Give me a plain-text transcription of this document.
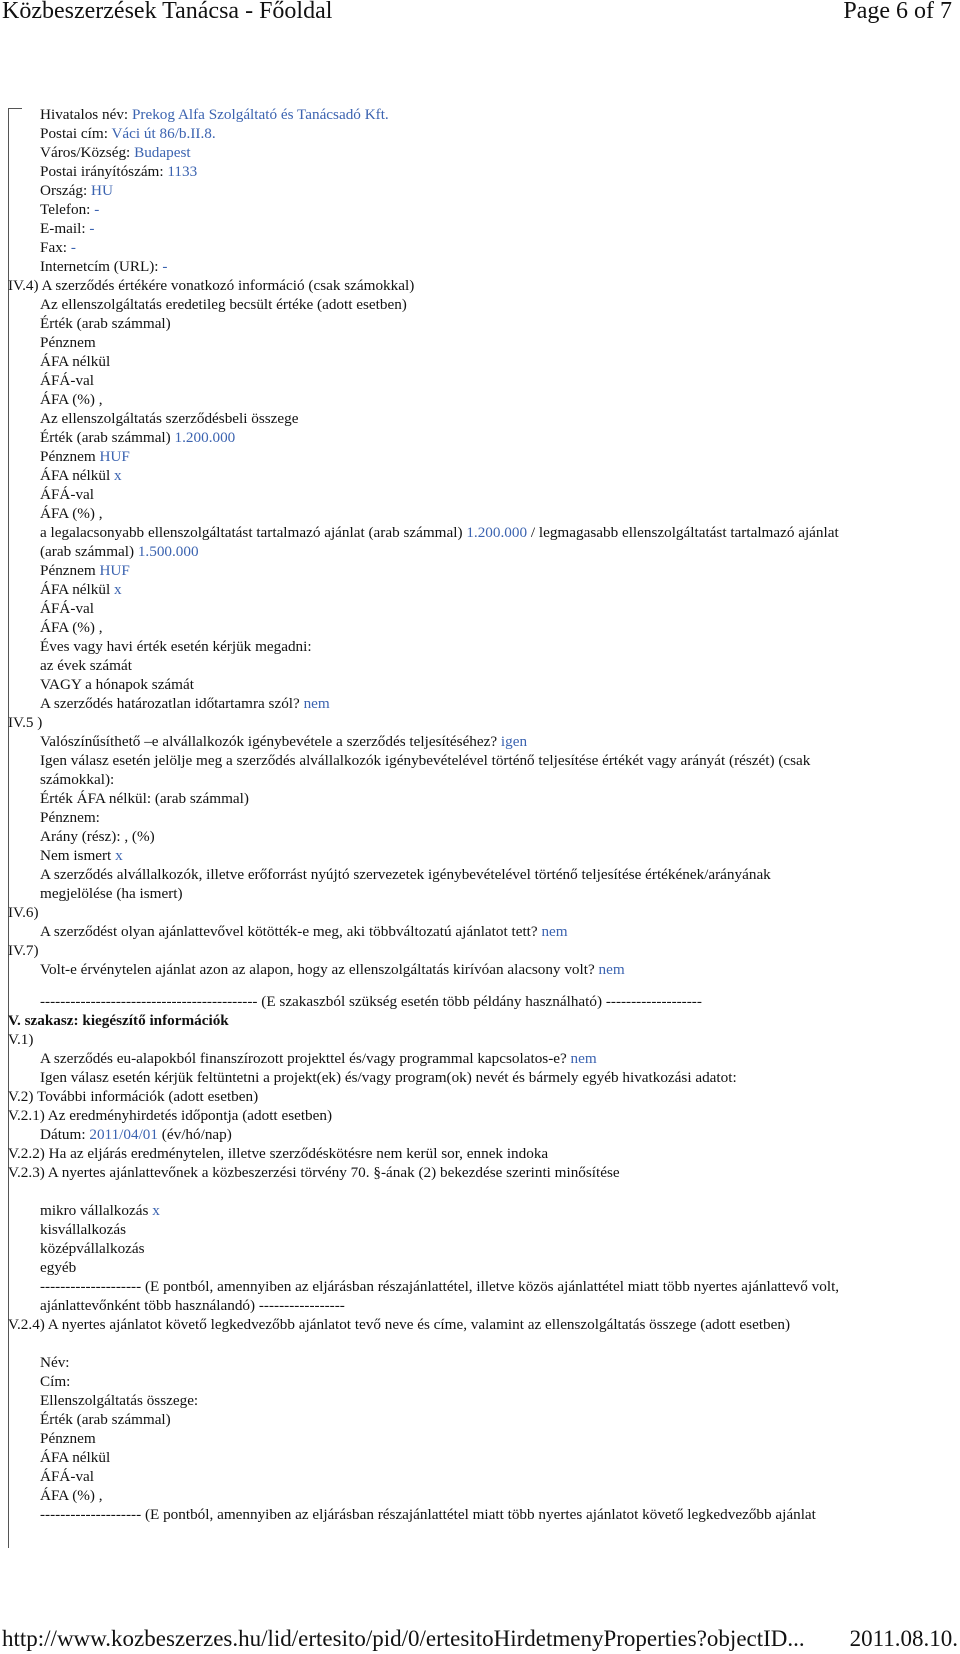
Közbeszerzések Tanácsa - Főoldal	Page 6 of 7
Hivatalos név: Prekog Alfa Szolgáltató és Tanácsadó Kft.
Postai cím: Váci út 86/b.II.8.
Város/Község: Budapest
Postai irányítószám: 1133
Ország: HU
Telefon: -
E-mail: -
Fax: -
Internetcím (URL): -
IV.4) A szerződés értékére vonatkozó információ (csak számokkal)
Az ellenszolgáltatás eredetileg becsült értéke (adott esetben)
Érték (arab számmal)
Pénznem
ÁFA nélkül
ÁFÁ-val
ÁFA (%) ,
Az ellenszolgáltatás szerződésbeli összege
Érték (arab számmal) 1.200.000
Pénznem HUF
ÁFA nélkül x
ÁFÁ-val
ÁFA (%) ,
a legalacsonyabb ellenszolgáltatást tartalmazó ajánlat (arab számmal) 1.200.000 / legmagasabb ellenszolgáltatást tartalmazó ajánlat
(arab számmal) 1.500.000
Pénznem HUF
ÁFA nélkül x
ÁFÁ-val
ÁFA (%) ,
Éves vagy havi érték esetén kérjük megadni:
az évek számát
VAGY a hónapok számát
A szerződés határozatlan időtartamra szól? nem
IV.5 )
Valószínűsíthető –e alvállalkozók igénybevétele a szerződés teljesítéséhez? igen
Igen válasz esetén jelölje meg a szerződés alvállalkozók igénybevételével történő teljesítése értékét vagy arányát (részét) (csak
számokkal):
Érték ÁFA nélkül: (arab számmal)
Pénznem:
Arány (rész): , (%)
Nem ismert x
A szerződés alvállalkozók, illetve erőforrást nyújtó szervezetek igénybevételével történő teljesítése értékének/arányának
megjelölése (ha ismert)
IV.6)
A szerződést olyan ajánlattevővel kötötték-e meg, aki többváltozatú ajánlatot tett? nem
IV.7)
Volt-e érvénytelen ajánlat azon az alapon, hogy az ellenszolgáltatás kirívóan alacsony volt? nem
------------------------------------------- (E szakaszból szükség esetén több példány használható) -------------------
V. szakasz: kiegészítő információk
V.1)
A szerződés eu-alapokból finanszírozott projekttel és/vagy programmal kapcsolatos-e? nem
Igen válasz esetén kérjük feltüntetni a projekt(ek) és/vagy program(ok) nevét és bármely egyéb hivatkozási adatot:
V.2) További információk (adott esetben)
V.2.1) Az eredményhirdetés időpontja (adott esetben)
Dátum: 2011/04/01 (év/hó/nap)
V.2.2) Ha az eljárás eredménytelen, illetve szerződéskötésre nem kerül sor, ennek indoka
V.2.3) A nyertes ajánlattevőnek a közbeszerzési törvény 70. §-ának (2) bekezdése szerinti minősítése
mikro vállalkozás x
kisvállalkozás
középvállalkozás
egyéb
-------------------- (E pontból, amennyiben az eljárásban részajánlattétel, illetve közös ajánlattétel miatt több nyertes ajánlattevő volt,
ajánlattevőnként több használandó) -----------------
V.2.4) A nyertes ajánlatot követő legkedvezőbb ajánlatot tevő neve és címe, valamint az ellenszolgáltatás összege (adott esetben)
Név:
Cím:
Ellenszolgáltatás összege:
Érték (arab számmal)
Pénznem
ÁFA nélkül
ÁFÁ-val
ÁFA (%) ,
-------------------- (E pontból, amennyiben az eljárásban részajánlattétel miatt több nyertes ajánlatot követő legkedvezőbb ajánlat
http://www.kozbeszerzes.hu/lid/ertesito/pid/0/ertesitoHirdetmenyProperties?objectID... 2011.08.10.
